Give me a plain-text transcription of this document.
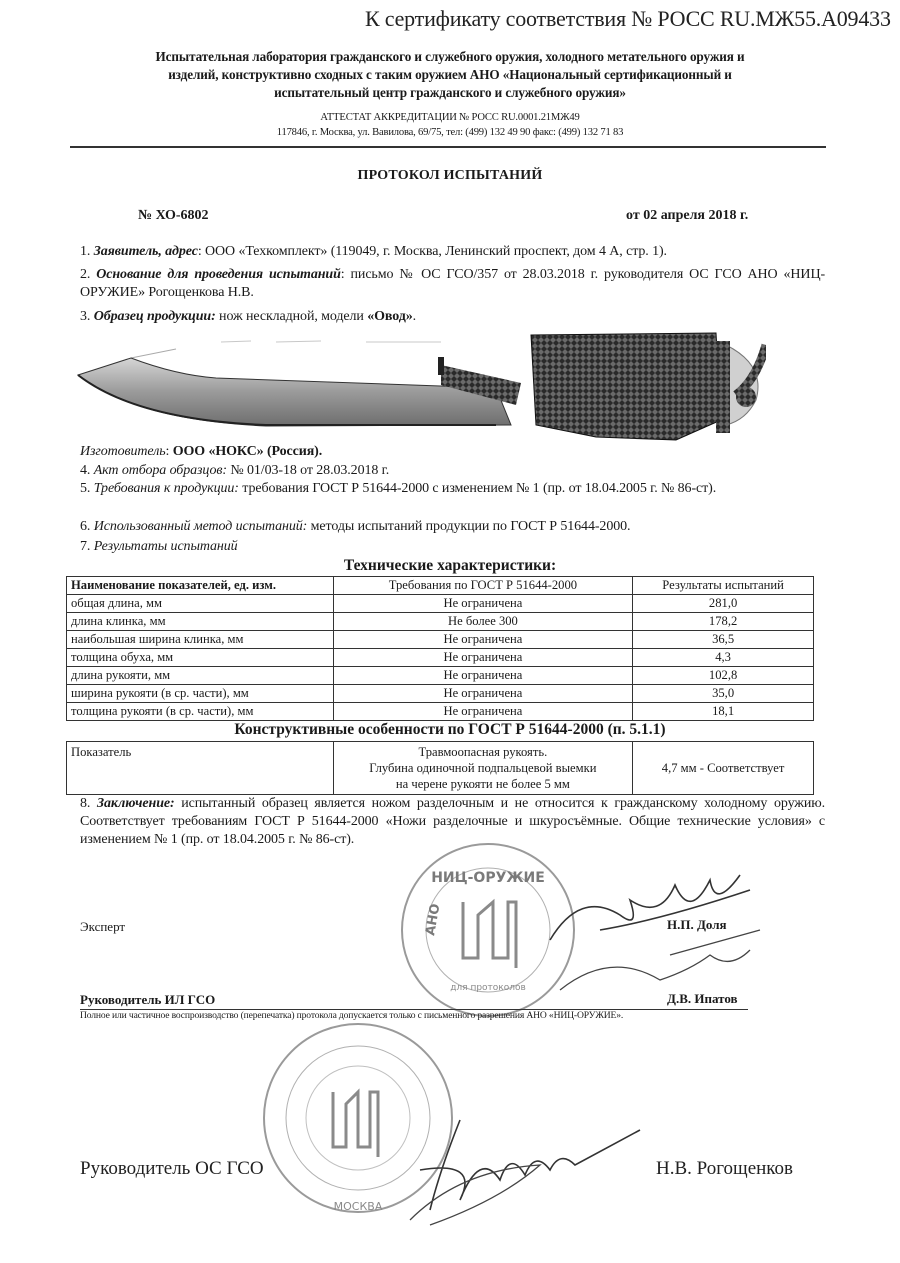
К сертификату соответствия № РОСС RU.МЖ55.А09433
Испытательная лаборатория гражданского и служебного оружия, холодного метательного оружия и
изделий, конструктивно сходных с таким оружием АНО «Национальный сертификационный и
испытательный центр гражданского и служебного оружия»
АТТЕСТАТ АККРЕДИТАЦИИ № РОСС RU.0001.21МЖ49
117846, г. Москва, ул. Вавилова, 69/75, тел: (499) 132 49 90 факс: (499) 132 71 83
ПРОТОКОЛ ИСПЫТАНИЙ
№ ХО-6802	от 02 апреля 2018 г.
1. Заявитель, адрес: ООО «Техкомплект» (119049, г. Москва, Ленинский проспект, дом 4 А, стр. 1).
2. Основание для проведения испытаний: письмо № ОС ГСО/357 от 28.03.2018 г. руководителя ОС ГСО АНО «НИЦ-ОРУЖИЕ» Рогощенкова Н.В.
3. Образец продукции: нож нескладной, модели «Овод».
Изготовитель: ООО «НОКС» (Россия).
4. Акт отбора образцов: № 01/03-18 от 28.03.2018 г.
5. Требования к продукции: требования ГОСТ Р 51644-2000 с изменением № 1 (пр. от 18.04.2005 г. № 86-ст).
6. Использованный метод испытаний: методы испытаний продукции по ГОСТ Р 51644-2000.
7. Результаты испытаний
Технические характеристики:
Наименование показателей, ед. изм.	Требования по ГОСТ Р 51644-2000	Результаты испытаний
общая длина, мм	Не ограничена	281,0
длина клинка, мм	Не более 300	178,2
наибольшая ширина клинка, мм	Не ограничена	36,5
толщина обуха, мм	Не ограничена	4,3
длина рукояти, мм	Не ограничена	102,8
ширина рукояти (в ср. части), мм	Не ограничена	35,0
толщина рукояти (в ср. части), мм	Не ограничена	18,1
Конструктивные особенности по ГОСТ Р 51644-2000 (п. 5.1.1)
Показатель	Травмоопасная рукоять.
Глубина одиночной подпальцевой выемки
на черене рукояти не более 5 мм
	4,7 мм - Соответствует
8. Заключение: испытанный образец является ножом разделочным и не относится к гражданскому холодному оружию. Соответствует требованиям ГОСТ Р 51644-2000 «Ножи разделочные и шкуросъёмные. Общие технические условия» с изменением № 1 (пр. от 18.04.2005 г. № 86-ст).
НИЦ-ОРУЖИЕ
АНО
для протоколов
Эксперт	Н.П. Доля
Руководитель ИЛ ГСО	Д.В. Ипатов
Полное или частичное воспроизводство (перепечатка) протокола допускается только с письменного разрешения АНО «НИЦ-ОРУЖИЕ».
МОСКВА
Руководитель ОС ГСО	Н.В. Рогощенков
